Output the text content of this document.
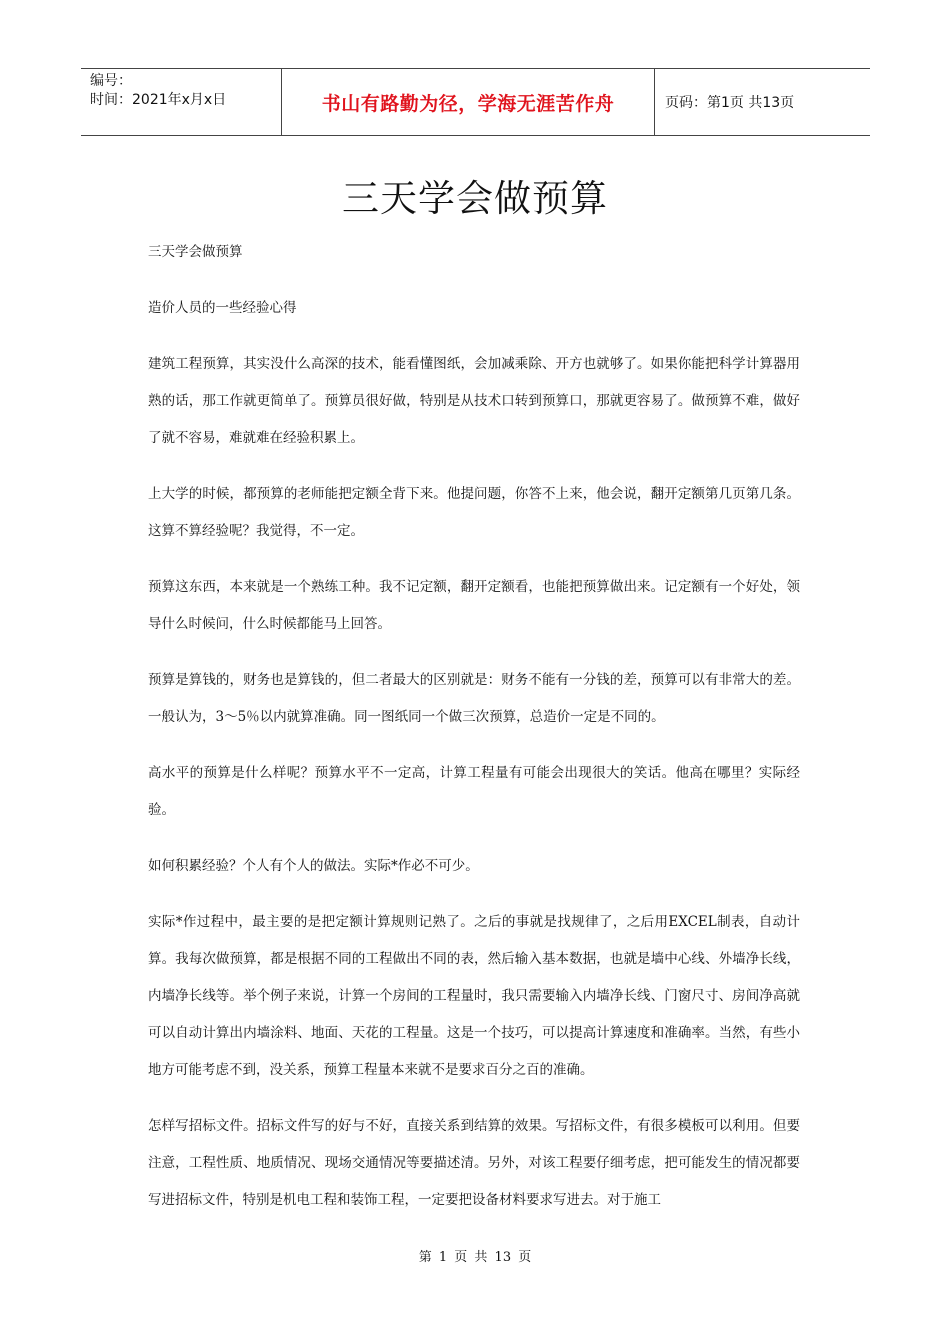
编号：
时间：2021年x月x日	书山有路勤为径，学海无涯苦作舟	页码：第1页 共13页
三天学会做预算

三天学会做预算

造价人员的一些经验心得

建筑工程预算，其实没什么高深的技术，能看懂图纸，会加减乘除、开方也就够了。如果你能把科学计算器用熟的话，那工作就更简单了。预算员很好做，特别是从技术口转到预算口，那就更容易了。做预算不难，做好了就不容易，难就难在经验积累上。

上大学的时候，都预算的老师能把定额全背下来。他提问题，你答不上来，他会说，翻开定额第几页第几条。这算不算经验呢？我觉得，不一定。

预算这东西，本来就是一个熟练工种。我不记定额，翻开定额看，也能把预算做出来。记定额有一个好处，领导什么时候问，什么时候都能马上回答。

预算是算钱的，财务也是算钱的，但二者最大的区别就是：财务不能有一分钱的差，预算可以有非常大的差。一般认为，3～5％以内就算准确。同一图纸同一个做三次预算，总造价一定是不同的。

高水平的预算是什么样呢？预算水平不一定高，计算工程量有可能会出现很大的笑话。他高在哪里？实际经验。

如何积累经验？个人有个人的做法。实际*作必不可少。

实际*作过程中，最主要的是把定额计算规则记熟了。之后的事就是找规律了，之后用EXCEL制表，自动计算。我每次做预算，都是根据不同的工程做出不同的表，然后输入基本数据，也就是墙中心线、外墙净长线，内墙净长线等。举个例子来说，计算一个房间的工程量时，我只需要输入内墙净长线、门窗尺寸、房间净高就可以自动计算出内墙涂料、地面、天花的工程量。这是一个技巧，可以提高计算速度和准确率。当然，有些小地方可能考虑不到，没关系，预算工程量本来就不是要求百分之百的准确。

怎样写招标文件。招标文件写的好与不好，直接关系到结算的效果。写招标文件，有很多模板可以利用。但要注意，工程性质、地质情况、现场交通情况等要描述清。另外，对该工程要仔细考虑，把可能发生的情况都要写进招标文件，特别是机电工程和装饰工程，一定要把设备材料要求写进去。对于施工

第 1 页 共 13 页
